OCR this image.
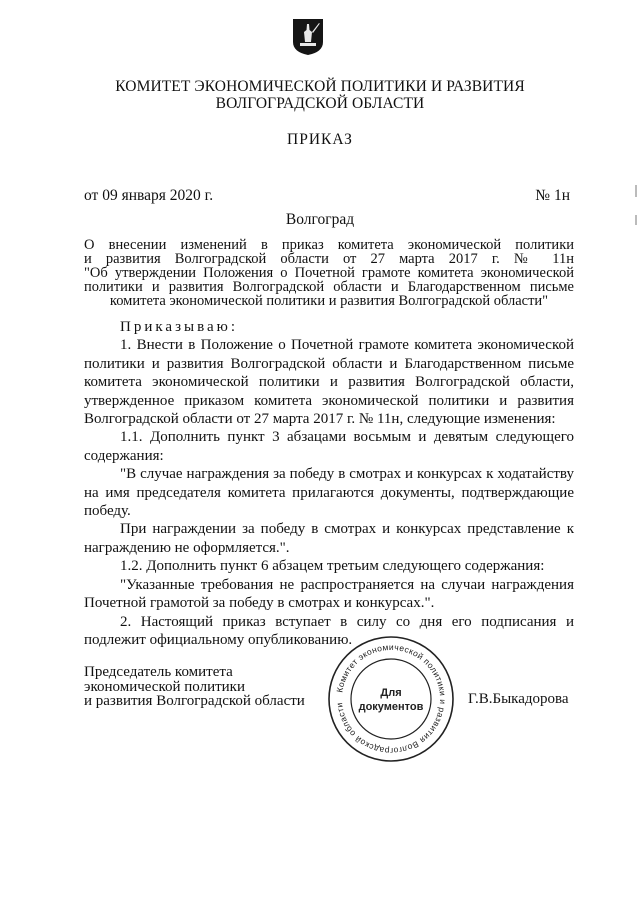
КОМИТЕТ ЭКОНОМИЧЕСКОЙ ПОЛИТИКИ И РАЗВИТИЯ
ВОЛГОГРАДСКОЙ ОБЛАСТИ
ПРИКАЗ
от 09 января 2020 г.	№ 1н
Волгоград
О внесении изменений в приказ комитета экономической политики
и развития Волгоградской области от 27 марта 2017 г. № 11н
"Об утверждении Положения о Почетной грамоте комитета экономической
политики и развития Волгоградской области и Благодарственном письме
комитета экономической политики и развития Волгоградской области"

Приказываю:

1. Внести в Положение о Почетной грамоте комитета экономической политики и развития Волгоградской области и Благодарственном письме комитета экономической политики и развития Волгоградской области, утвержденное приказом комитета экономической политики и развития Волгоградской области от 27 марта 2017 г. № 11н, следующие изменения:

1.1. Дополнить пункт 3 абзацами восьмым и девятым следующего содержания:

"В случае награждения за победу в смотрах и конкурсах к ходатайству на имя председателя комитета прилагаются документы, подтверждающие победу.

При награждении за победу в смотрах и конкурсах представление к награждению не оформляется.".

1.2. Дополнить пункт 6 абзацем третьим следующего содержания:

"Указанные требования не распространяется на случаи награждения Почетной грамотой за победу в смотрах и конкурсах.".

2. Настоящий приказ вступает в силу со дня его подписания и подлежит официальному опубликованию.

Председатель комитета
экономической политики
и развития Волгоградской области	Г.В.Быкадорова
Комитет экономической политики и развития Волгоградской области
Для
документов
